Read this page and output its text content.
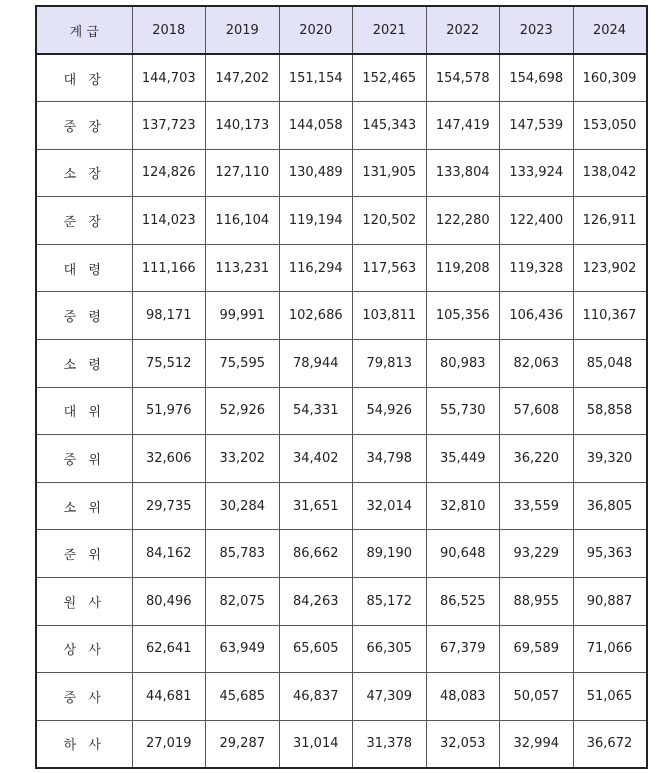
계 급	2018	2019	2020	2021	2022	2023	2024
대 장	144,703	147,202	151,154	152,465	154,578	154,698	160,309
중 장	137,723	140,173	144,058	145,343	147,419	147,539	153,050
소 장	124,826	127,110	130,489	131,905	133,804	133,924	138,042
준 장	114,023	116,104	119,194	120,502	122,280	122,400	126,911
대 령	111,166	113,231	116,294	117,563	119,208	119,328	123,902
중 령	98,171	99,991	102,686	103,811	105,356	106,436	110,367
소 령	75,512	75,595	78,944	79,813	80,983	82,063	85,048
대 위	51,976	52,926	54,331	54,926	55,730	57,608	58,858
중 위	32,606	33,202	34,402	34,798	35,449	36,220	39,320
소 위	29,735	30,284	31,651	32,014	32,810	33,559	36,805
준 위	84,162	85,783	86,662	89,190	90,648	93,229	95,363
원 사	80,496	82,075	84,263	85,172	86,525	88,955	90,887
상 사	62,641	63,949	65,605	66,305	67,379	69,589	71,066
중 사	44,681	45,685	46,837	47,309	48,083	50,057	51,065
하 사	27,019	29,287	31,014	31,378	32,053	32,994	36,672
